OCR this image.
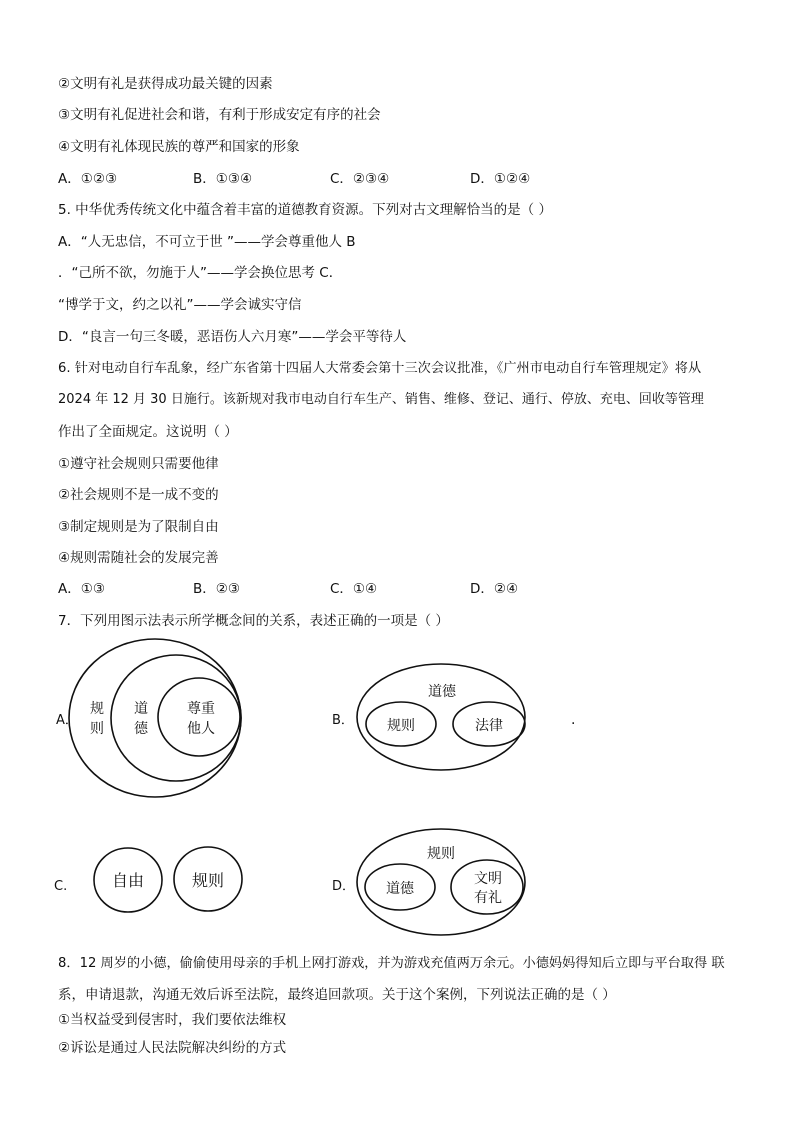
②文明有礼是获得成功最关键的因素
③文明有礼促进社会和谐，有利于形成安定有序的社会
④文明有礼体现民族的尊严和国家的形象
A．①②③	B．①③④	C．②③④	D．①②④
5. 中华优秀传统文化中蕴含着丰富的道德教育资源。下列对古文理解恰当的是（ ）
A．“人无忠信，不可立于世 ”——学会尊重他人 B
．“己所不欲，勿施于人”——学会换位思考 C．
“博学于文，约之以礼”——学会诚实守信
D．“良言一句三冬暖，恶语伤人六月寒”——学会平等待人
6. 针对电动自行车乱象，经广东省第十四届人大常委会第十三次会议批准，《广州市电动自行车管理规定》将从
2024 年 12 月 30 日施行。该新规对我市电动自行车生产、销售、维修、登记、通行、停放、充电、回收等管理
作出了全面规定。这说明（ ）
①遵守社会规则只需要他律
②社会规则不是一成不变的
③制定规则是为了限制自由
④规则需随社会的发展完善
A．①③	B．②③	C．①④	D．②④
7．下列用图示法表示所学概念间的关系，表述正确的一项是（ ）
A．
规
则
道
德
尊重
他人
B．
道德
规则	法律	.
C.	自由	规则	D．
规则
道德
文明
有礼
8．12 周岁的小德，偷偷使用母亲的手机上网打游戏，并为游戏充值两万余元。小德妈妈得知后立即与平台取得 联
系，申请退款，沟通无效后诉至法院，最终追回款项。关于这个案例，下列说法正确的是（ ）
①当权益受到侵害时，我们要依法维权
②诉讼是通过人民法院解决纠纷的方式
